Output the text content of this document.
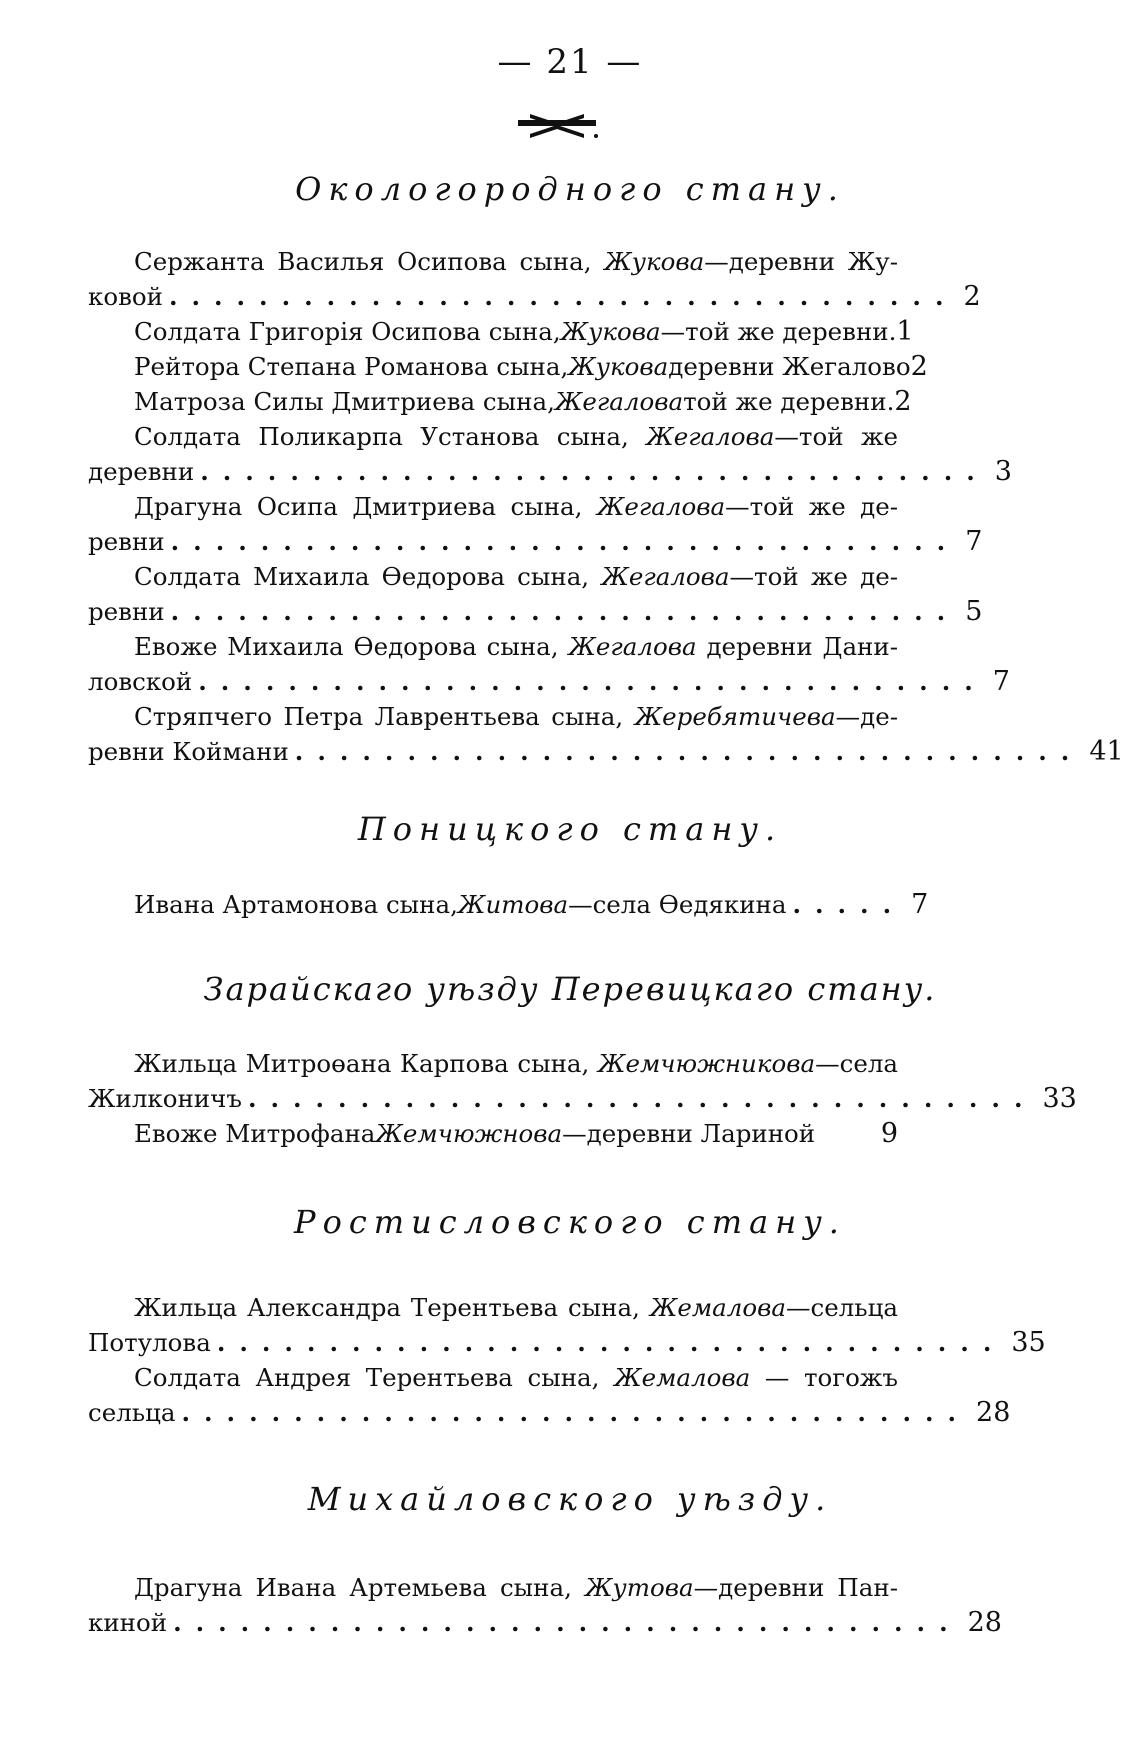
— 21 —
Окологородного стану.
Сержанта Василья Осипова сына, Жукова—деревни Жу-
ковой ................................... 2
Солдата Григорія Осипова сына, Жукова —той же деревни. 1
Рейтора Степана Романова сына, Жукова деревни Жегалово 2
Матроза Силы Дмитриева сына, Жегалова той же деревни. 2
Солдата Поликарпа Установа сына, Жегалова—той же
деревни ................................... 3
Драгуна Осипа Дмитриева сына, Жегалова—той же де-
ревни ................................... 7
Солдата Михаила Өедорова сына, Жегалова—той же де-
ревни ................................... 5
Евоже Михаила Өедорова сына, Жегалова деревни Дани-
ловской ................................... 7
Стряпчего Петра Лаврентьева сына, Жеребятичева—де-
ревни Коймани ................................... 41
Поницкого стану.
Ивана Артамонова сына, Житова —села Өедякина ..... 7
Зарайскаго уѣзду Перевицкаго стану.
Жильца Митроөана Карпова сына, Жемчюжникова—села
Жилконичъ ................................... 33
Евоже Митрофана Жемчюжнова —деревни Лариной	9
Ростисловского стану.
Жильца Александра Терентьева сына, Жемалова—сельца
Потулова ................................... 35
Солдата Андрея Терентьева сына, Жемалова — тогожъ
сельца ................................... 28
Михайловского уѣзду.
Драгуна Ивана Артемьева сына, Жутова—деревни Пан-
киной ................................... 28
